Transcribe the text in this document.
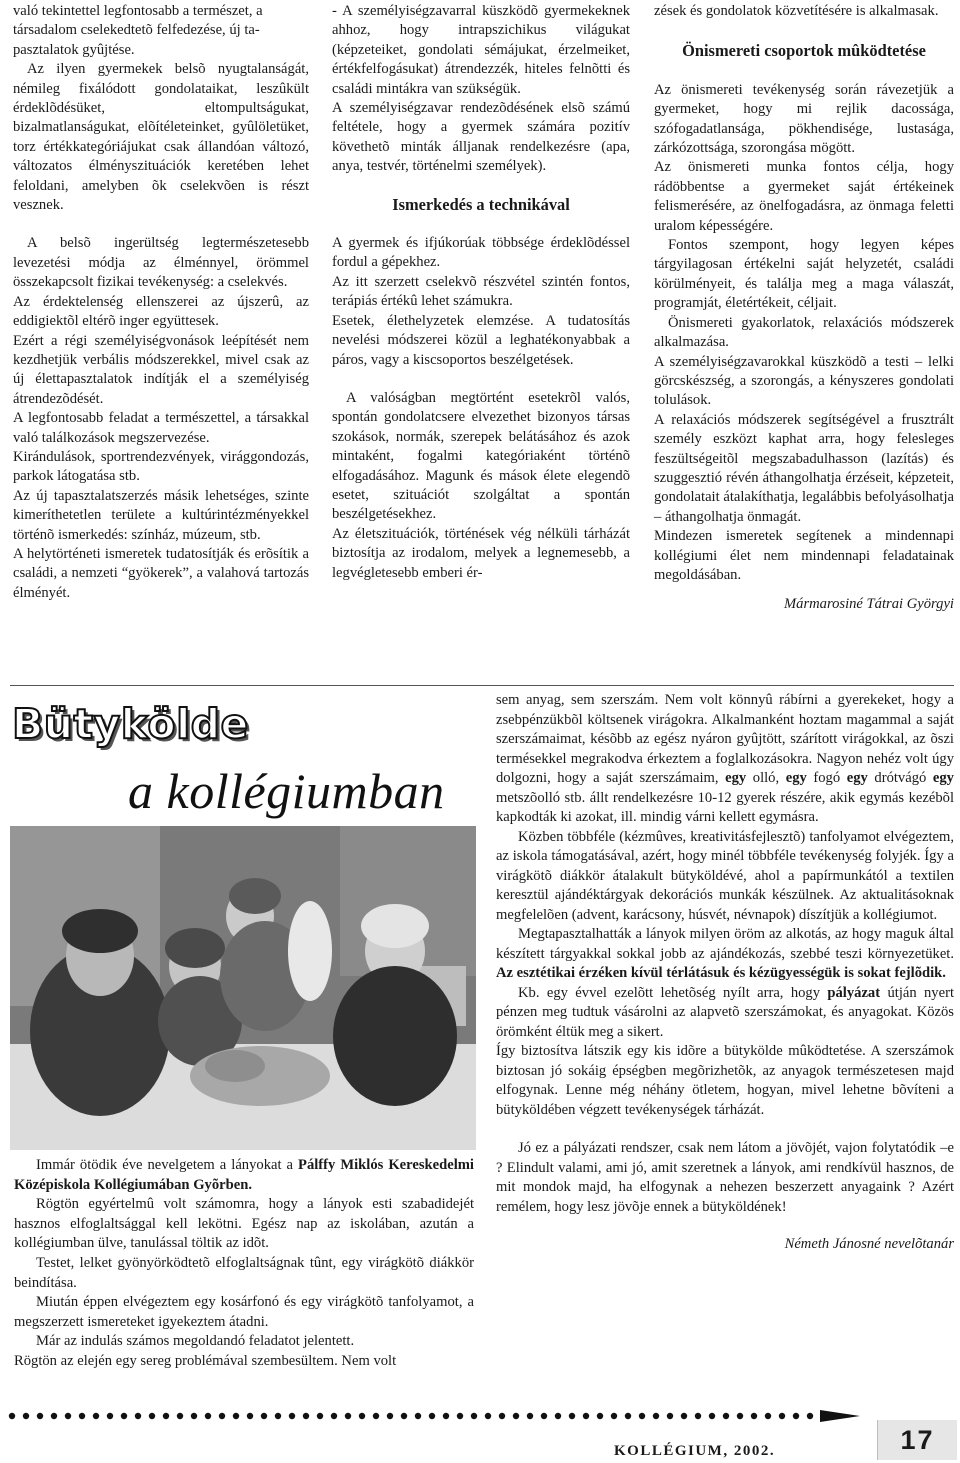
való tekintettel legfontosabb a természet, a

társadalom cselekedtetõ felfedezése, új ta-

pasztalatok gyûjtése.

Az ilyen gyermekek belsõ nyugtalanságát, némileg fixálódott gondolataikat, leszûkült érdeklõdésüket, eltompultságukat, bizalmatlanságukat, elõítéleteinket, gyûlöletüket, torz értékkategóriájukat csak állandóan változó, változatos élményszituációk keretében lehet feloldani, amelyben õk cselekvõen is részt vesznek.

A belsõ ingerültség legtermészetesebb levezetési módja az élménnyel, örömmel összekapcsolt fizikai tevékenység: a cselekvés.

Az érdektelenség ellenszerei az újszerû, az eddigiektõl eltérõ inger együttesek.

Ezért a régi személyiségvonások leépítését nem kezdhetjük verbális módszerekkel, mivel csak az új élettapasztalatok indítják el a személyiség átrendezõdését.

A legfontosabb feladat a természettel, a társakkal való találkozások megszervezése.

Kirándulások, sportrendezvények, virággondozás, parkok látogatása stb.

Az új tapasztalatszerzés másik lehetséges, szinte kimeríthetetlen területe a kultúrintézményekkel történõ ismerkedés: színház, múzeum, stb.

A helytörténeti ismeretek tudatosítják és erõsítik a családi, a nemzeti “gyökerek”, a valahová tartozás élményét.

- A személyiségzavarral küszködõ gyermekeknek ahhoz, hogy intrapszichikus világukat (képzeteiket, gondolati sémájukat, érzelmeiket, értékfelfogásukat) átrendezzék, hiteles felnõtti és családi mintákra van szükségük.

A személyiségzavar rendezõdésének elsõ számú feltétele, hogy a gyermek számára pozitív követhetõ minták álljanak rendelkezésre (apa, anya, testvér, történelmi személyek).

Ismerkedés a technikával

A gyermek és ifjúkorúak többsége érdeklõdéssel fordul a gépekhez.

Az itt szerzett cselekvõ részvétel szintén fontos, terápiás értékû lehet számukra.

Esetek, élethelyzetek elemzése. A tudatosítás nevelési módszerei közül a leghatékonyabbak a páros, vagy a kiscsoportos beszélgetések.

A valóságban megtörtént esetekrõl valós, spontán gondolatcsere elvezethet bizonyos társas szokások, normák, szerepek belátásához és azok mintaként, fogalmi kategóriaként történõ elfogadásához. Magunk és mások élete elegendõ esetet, szituációt szolgáltat a spontán beszélgetésekhez.

Az életszituációk, történések vég nélküli tárházát biztosítja az irodalom, melyek a legnemesebb, a legvégletesebb emberi ér-

zések és gondolatok közvetítésére is alkalmasak.

Önismereti csoportok mûködtetése

Az önismereti tevékenység során rávezetjük a gyermeket, hogy mi rejlik dacossága, szófogadatlansága, pökhendisége, lustasága, zárkózottsága, szorongása mögött.

Az önismereti munka fontos célja, hogy rádöbbentse a gyermeket saját értékeinek felismerésére, az önelfogadásra, az önmaga feletti uralom képességére.

Fontos szempont, hogy legyen képes tárgyilagosan értékelni saját helyzetét, családi körülményeit, és találja meg a maga válaszát, programját, életértékeit, céljait.

Önismereti gyakorlatok, relaxációs módszerek alkalmazása.

A személyiségzavarokkal küszködõ a testi – lelki görcskészség, a szorongás, a kényszeres gondolati tolulások.

A relaxációs módszerek segítségével a frusztrált személy eszközt kaphat arra, hogy felesleges feszültségeitõl megszabadulhasson (lazítás) és szuggesztió révén áthangolhatja érzéseit, képzeteit, gondolatait átalakíthatja, legalábbis befolyásolhatja – áthangolhatja önmagát.

Mindezen ismeretek segítenek a mindennapi kollégiumi élet nem mindennapi feladatainak megoldásában.

Mármarosiné Tátrai Györgyi

Bütykölde
a kollégiumban

Immár ötödik éve nevelgetem a lányokat a Pálffy Miklós Kereskedelmi Középiskola Kollégiumában Gyõrben.

Rögtön egyértelmû volt számomra, hogy a lányok esti szabadidejét hasznos elfoglaltsággal kell lekötni. Egész nap az iskolában, azután a kollégiumban ülve, tanulással töltik az idõt.

Testet, lelket gyönyörködtetõ elfoglaltságnak tûnt, egy virágkötõ diákkör beindítása.

Miután éppen elvégeztem egy kosárfonó és egy virágkötõ tanfolyamot, a megszerzett ismereteket igyekeztem átadni.

Már az indulás számos megoldandó feladatot jelentett.

Rögtön az elején egy sereg problémával szembesültem. Nem volt

sem anyag, sem szerszám. Nem volt könnyû rábírni a gyerekeket, hogy a zsebpénzükbõl költsenek virágokra. Alkalmanként hoztam magammal a saját szerszámaimat, késõbb az egész nyáron gyûjtött, szárított virágokkal, az õszi termésekkel megrakodva érkeztem a foglalkozásokra. Nagyon nehéz volt úgy dolgozni, hogy a saját szerszámaim, egy olló, egy fogó egy drótvágó egy metszõolló stb. állt rendelkezésre 10-12 gyerek részére, akik egymás kezébõl kapkodták ki azokat, ill. mindig várni kellett egymásra.

Közben többféle (kézmûves, kreativitásfejlesztõ) tanfolyamot elvégeztem, az iskola támogatásával, azért, hogy minél többféle tevékenység folyjék. Így a virágkötõ diákkör átalakult bütyköldévé, ahol a papírmunkától a textilen keresztül ajándéktárgyak dekorációs munkák készülnek. Az aktualitásoknak megfelelõen (advent, karácsony, húsvét, névnapok) díszítjük a kollégiumot.

Megtapasztalhatták a lányok milyen öröm az alkotás, az hogy maguk által készített tárgyakkal sokkal jobb az ajándékozás, szebbé teszi környezetüket. Az esztétikai érzéken kívül térlátásuk és kézügyességük is sokat fejlõdik.

Kb. egy évvel ezelõtt lehetõség nyílt arra, hogy pályázat útján nyert pénzen meg tudtuk vásárolni az alapvetõ szerszámokat, és anyagokat. Közös örömként éltük meg a sikert.

Így biztosítva látszik egy kis idõre a bütykölde mûködtetése. A szerszámok biztosan jó sokáig épségben megõrizhetõk, az anyagok természetesen majd elfogynak. Lenne még néhány ötletem, hogyan, mivel lehetne bõvíteni a bütyköldében végzett tevékenységek tárházát.

Jó ez a pályázati rendszer, csak nem látom a jövõjét, vajon folytatódik –e ? Elindult valami, ami jó, amit szeretnek a lányok, ami rendkívül hasznos, de mit mondok majd, ha elfogynak a nehezen beszerzett anyagaink ? Azért remélem, hogy lesz jövõje ennek a bütyköldének!

Németh Jánosné nevelõtanár

KOLLÉGIUM, 2002.	17
